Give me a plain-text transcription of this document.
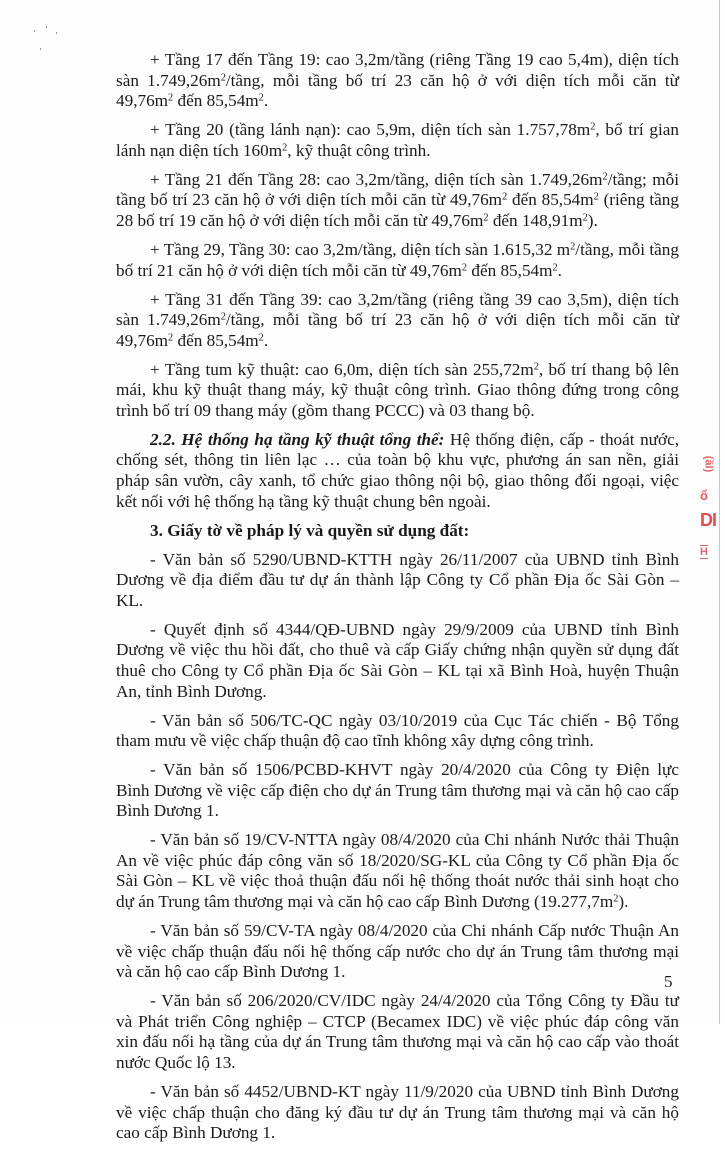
+ Tầng 17 đến Tầng 19: cao 3,2m/tầng (riêng Tầng 19 cao 5,4m), diện tích sàn $1.749,26m^2$/tầng, mỗi tầng bố trí 23 căn hộ ở với diện tích mỗi căn từ $49,76m^2$ đến $85,54m^2$.

+ Tầng 20 (tầng lánh nạn): cao 5,9m, diện tích sàn $1.757,78m^2$, bố trí gian lánh nạn diện tích $160m^2$, kỹ thuật công trình.

+ Tầng 21 đến Tầng 28: cao 3,2m/tầng, diện tích sàn $1.749,26m^2$/tầng; mỗi tầng bố trí 23 căn hộ ở với diện tích mỗi căn từ $49,76m^2$ đến $85,54m^2$ (riêng tầng 28 bố trí 19 căn hộ ở với diện tích mỗi căn từ $49,76m^2$ đến $148,91m^2$).

+ Tầng 29, Tầng 30: cao 3,2m/tầng, diện tích sàn 1.615,32 $m^2$/tầng, mỗi tầng bố trí 21 căn hộ ở với diện tích mỗi căn từ $49,76m^2$ đến $85,54m^2$.

+ Tầng 31 đến Tầng 39: cao 3,2m/tầng (riêng tầng 39 cao 3,5m), diện tích sàn $1.749,26m^2$/tầng, mỗi tầng bố trí 23 căn hộ ở với diện tích mỗi căn từ $49,76m^2$ đến $85,54m^2$.

+ Tầng tum kỹ thuật: cao 6,0m, diện tích sàn $255,72m^2$, bố trí thang bộ lên mái, khu kỹ thuật thang máy, kỹ thuật công trình. Giao thông đứng trong công trình bố trí 09 thang máy (gồm thang PCCC) và 03 thang bộ.

2.2. Hệ thống hạ tầng kỹ thuật tổng thể: Hệ thống điện, cấp - thoát nước, chống sét, thông tin liên lạc … của toàn bộ khu vực, phương án san nền, giải pháp sân vườn, cây xanh, tổ chức giao thông nội bộ, giao thông đối ngoại, việc kết nối với hệ thống hạ tầng kỹ thuật chung bên ngoài.

3. Giấy tờ về pháp lý và quyền sử dụng đất:

- Văn bản số 5290/UBND-KTTH ngày 26/11/2007 của UBND tỉnh Bình Dương về địa điểm đầu tư dự án thành lập Công ty Cổ phần Địa ốc Sài Gòn – KL.

- Quyết định số 4344/QĐ-UBND ngày 29/9/2009 của UBND tỉnh Bình Dương về việc thu hồi đất, cho thuê và cấp Giấy chứng nhận quyền sử dụng đất thuê cho Công ty Cổ phần Địa ốc Sài Gòn – KL tại xã Bình Hoà, huyện Thuận An, tỉnh Bình Dương.

- Văn bản số 506/TC-QC ngày 03/10/2019 của Cục Tác chiến - Bộ Tổng tham mưu về việc chấp thuận độ cao tĩnh không xây dựng công trình.

- Văn bản số 1506/PCBD-KHVT ngày 20/4/2020 của Công ty Điện lực Bình Dương về việc cấp điện cho dự án Trung tâm thương mại và căn hộ cao cấp Bình Dương 1.

- Văn bản số 19/CV-NTTA ngày 08/4/2020 của Chi nhánh Nước thải Thuận An về việc phúc đáp công văn số 18/2020/SG-KL của Công ty Cổ phần Địa ốc Sài Gòn – KL về việc thoả thuận đấu nối hệ thống thoát nước thải sinh hoạt cho dự án Trung tâm thương mại và căn hộ cao cấp Bình Dương $(19.277,7m^2)$.

- Văn bản số 59/CV-TA ngày 08/4/2020 của Chi nhánh Cấp nước Thuận An về việc chấp thuận đấu nối hệ thống cấp nước cho dự án Trung tâm thương mại và căn hộ cao cấp Bình Dương 1.

- Văn bản số 206/2020/CV/IDC ngày 24/4/2020 của Tổng Công ty Đầu tư và Phát triển Công nghiệp – CTCP (Becamex IDC) về việc phúc đáp công văn xin đấu nối hạ tầng của dự án Trung tâm thương mại và căn hộ cao cấp vào thoát nước Quốc lộ 13.

- Văn bản số 4452/UBND-KT ngày 11/9/2020 của UBND tỉnh Bình Dương về việc chấp thuận cho đăng ký đầu tư dự án Trung tâm thương mại và căn hộ cao cấp Bình Dương 1.

5
(ầl)
ổ
DI
H
